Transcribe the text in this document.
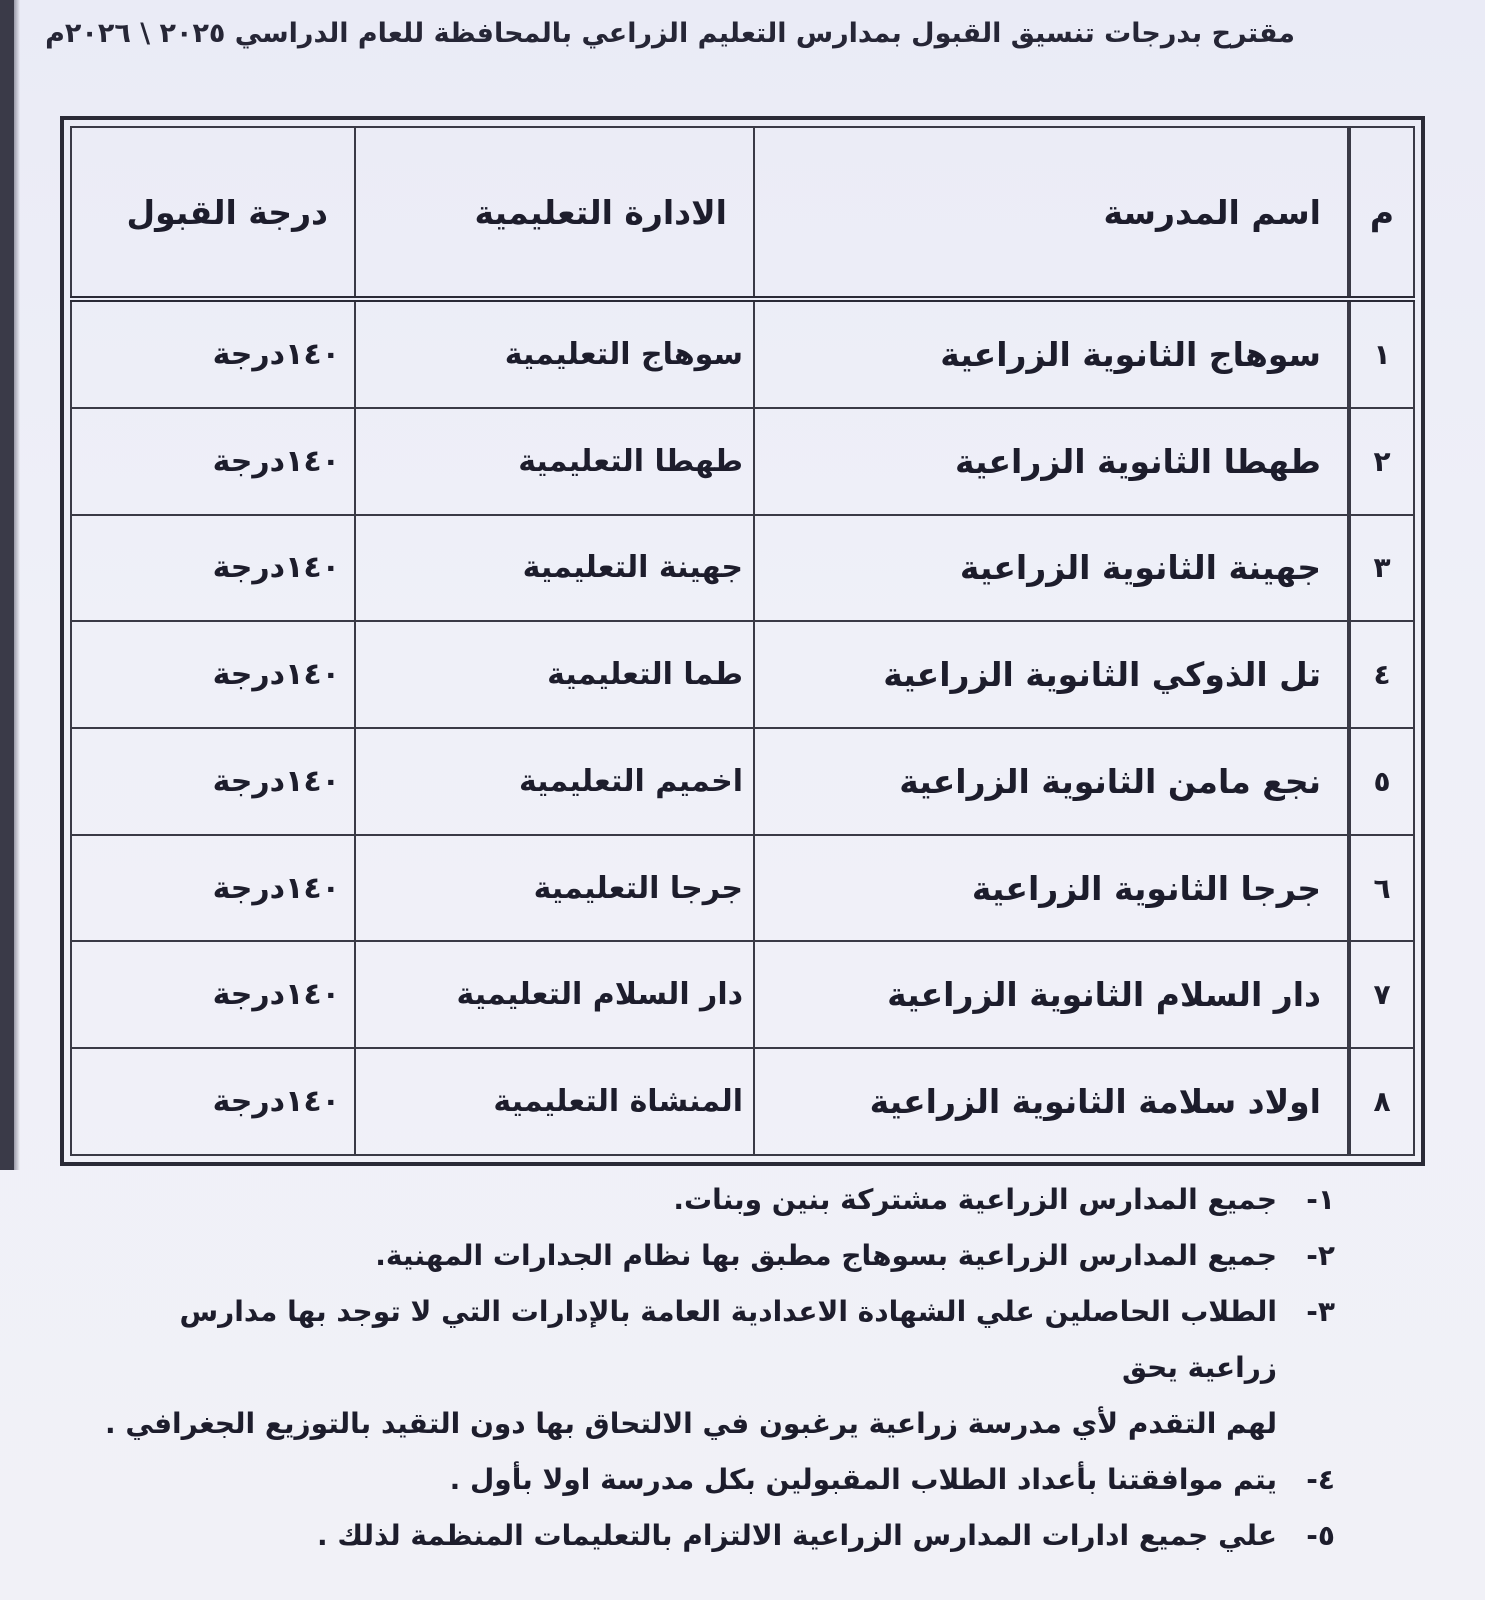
مقترح بدرجات تنسيق القبول بمدارس التعليم الزراعي بالمحافظة للعام الدراسي ٢٠٢٥ \ ٢٠٢٦م
م	اسم المدرسة	الادارة التعليمية	درجة القبول
١	سوهاج الثانوية الزراعية	سوهاج التعليمية	١٤٠درجة
٢	طهطا الثانوية الزراعية	طهطا التعليمية	١٤٠درجة
٣	جهينة الثانوية الزراعية	جهينة التعليمية	١٤٠درجة
٤	تل الذوكي الثانوية الزراعية	طما التعليمية	١٤٠درجة
٥	نجع مامن الثانوية الزراعية	اخميم التعليمية	١٤٠درجة
٦	جرجا الثانوية الزراعية	جرجا التعليمية	١٤٠درجة
٧	دار السلام الثانوية الزراعية	دار السلام التعليمية	١٤٠درجة
٨	اولاد سلامة الثانوية الزراعية	المنشاة التعليمية	١٤٠درجة
١-
جميع المدارس الزراعية مشتركة بنين وبنات.
٢-
جميع المدارس الزراعية بسوهاج مطبق بها نظام الجدارات المهنية.
٣-
الطلاب الحاصلين علي الشهادة الاعدادية العامة بالإدارات التي لا توجد بها مدارس زراعية يحق
لهم التقدم لأي مدرسة زراعية يرغبون في الالتحاق بها دون التقيد بالتوزيع الجغرافي .
٤-
يتم موافقتنا بأعداد الطلاب المقبولين بكل مدرسة اولا بأول .
٥-
علي جميع ادارات المدارس الزراعية الالتزام بالتعليمات المنظمة لذلك .
